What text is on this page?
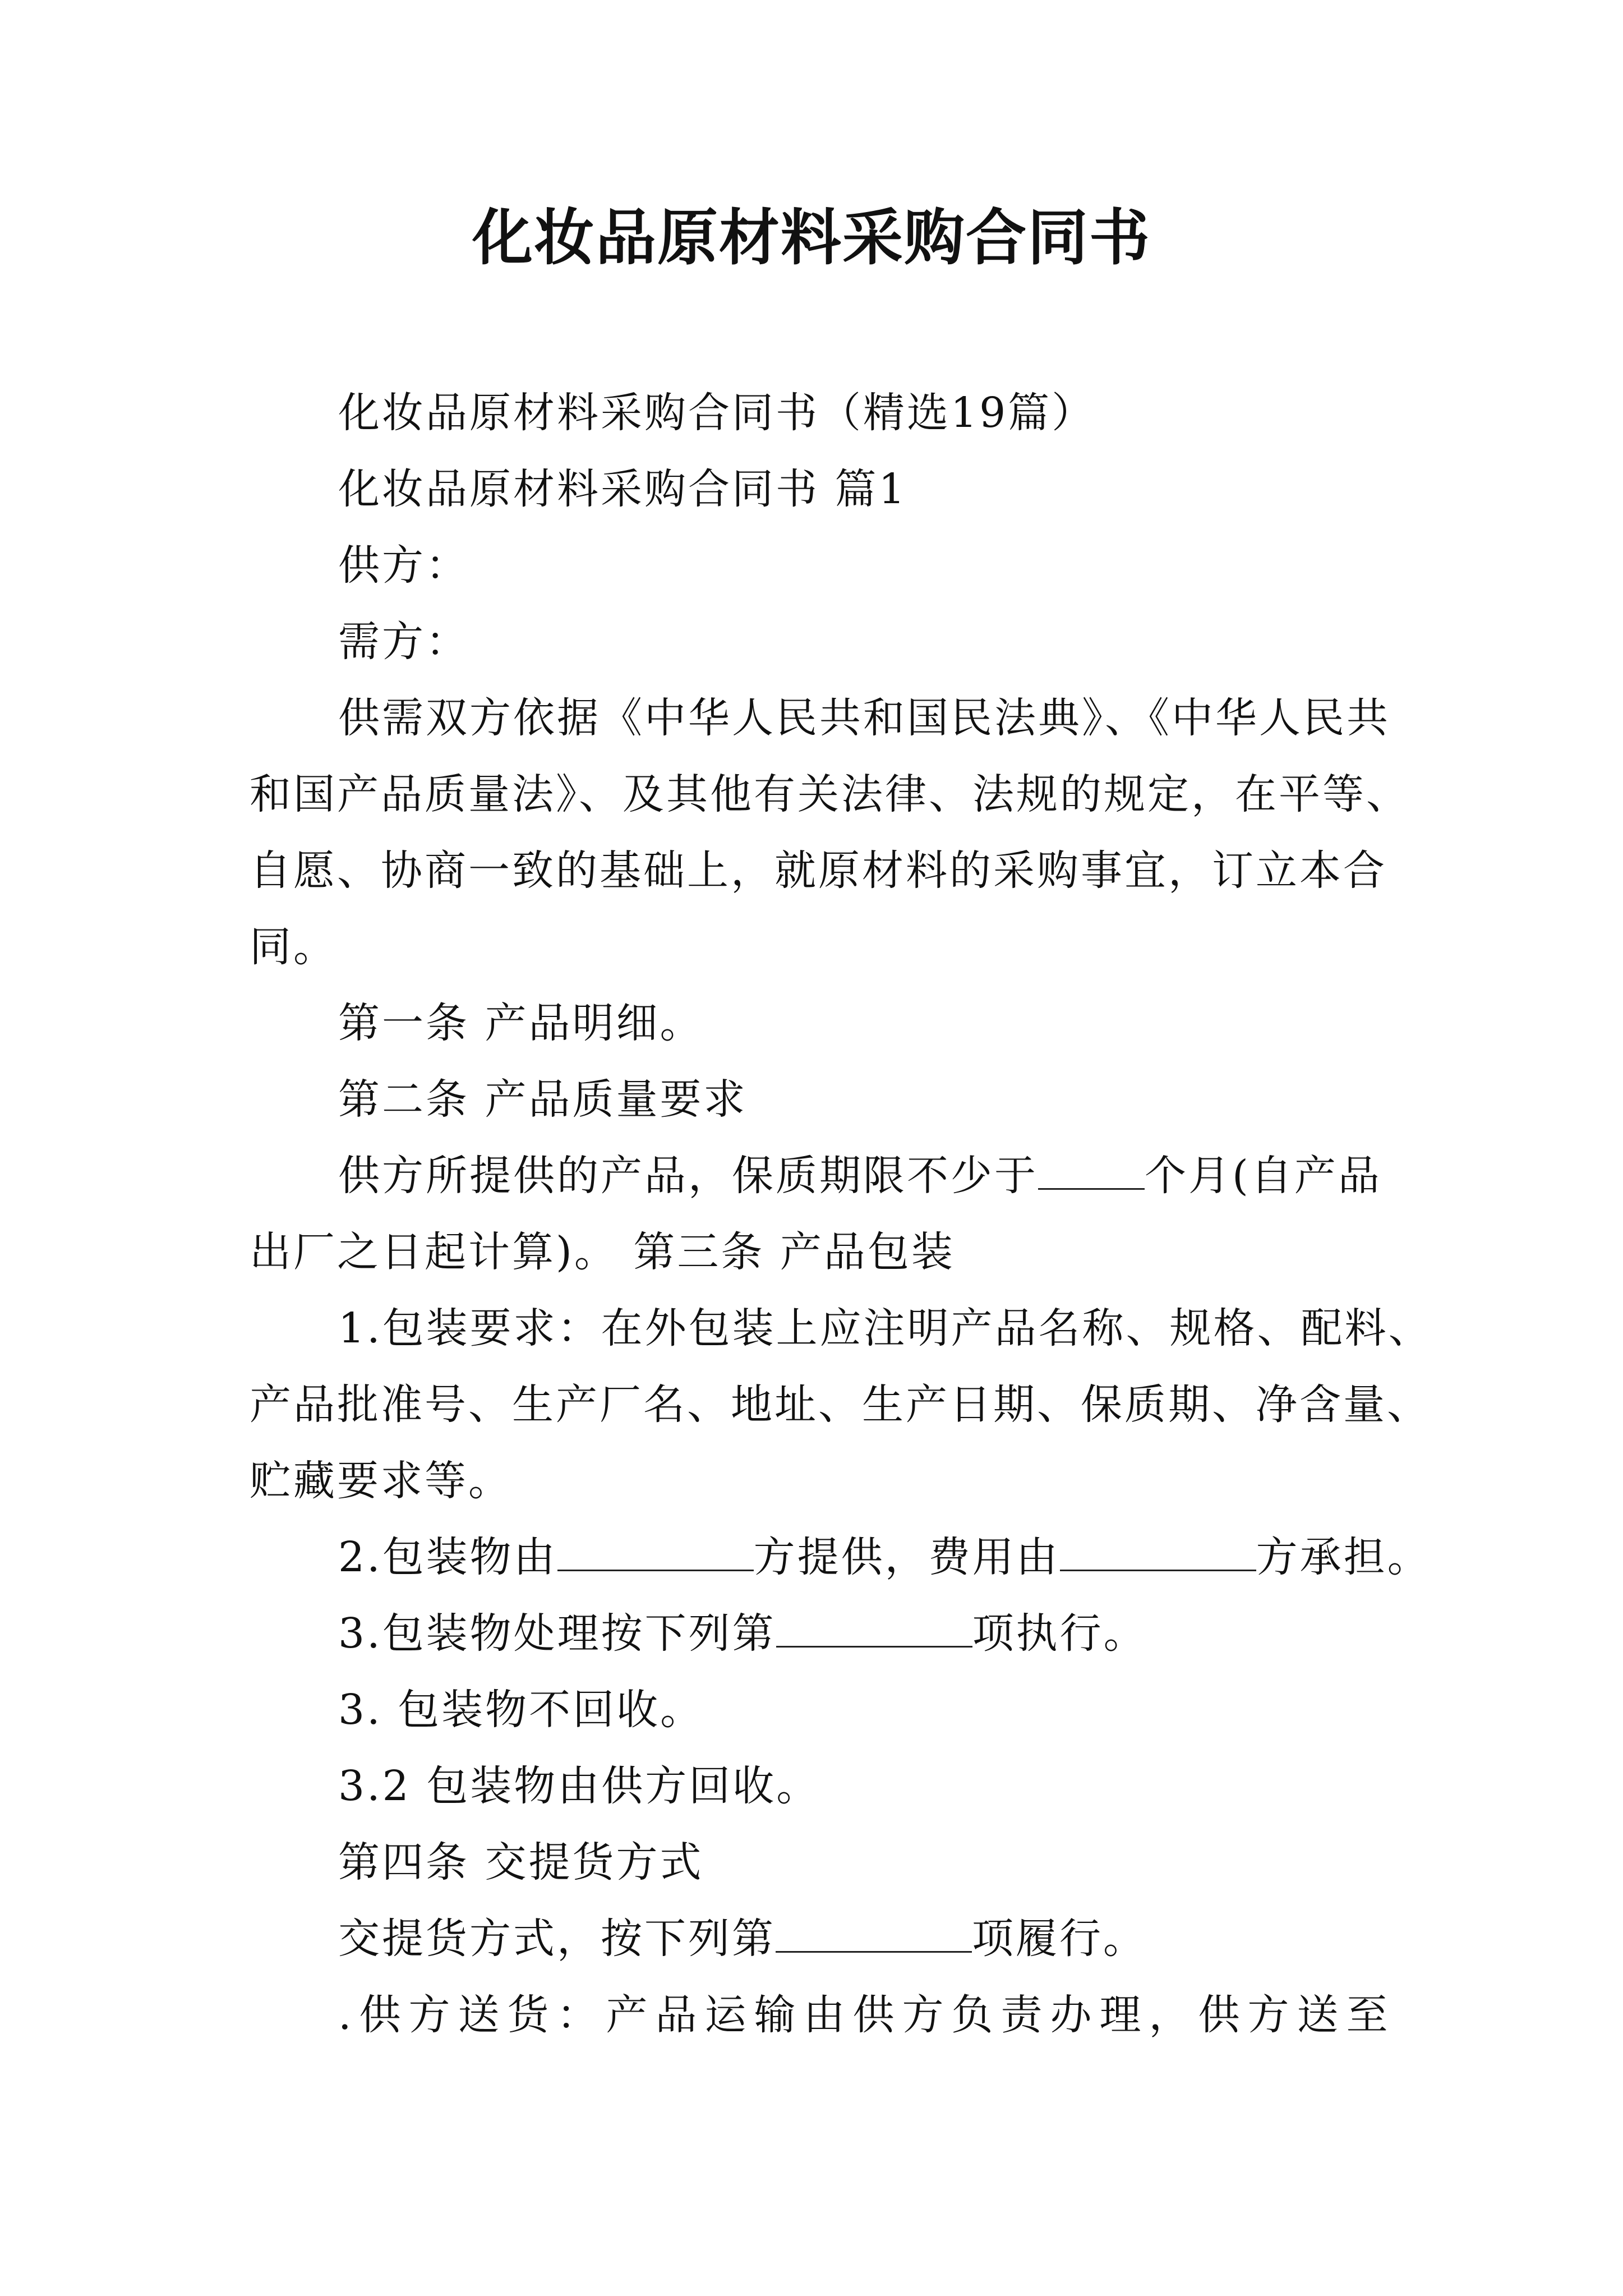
化妆品原材料采购合同书
化妆品原材料采购合同书（精选19篇）
化妆品原材料采购合同书 篇1
供方：
需方：
供需双方依据《中华人民共和国民法典》、《中华人民共
和国产品质量法》、及其他有关法律、法规的规定，在平等、
自愿、协商一致的基础上，就原材料的采购事宜，订立本合
同。
第一条 产品明细。
第二条 产品质量要求
供方所提供的产品，保质期限不少于	个月(自产品
出厂之日起计算)。 第三条 产品包装
1.包装要求：在外包装上应注明产品名称、规格、配料、
产品批准号、生产厂名、地址、生产日期、保质期、净含量、
贮藏要求等。
2.包装物由	方提供，费用由	方承担。
3.包装物处理按下列第	项执行。
3. 包装物不回收。
3.2 包装物由供方回收。
第四条 交提货方式
交提货方式，按下列第	项履行。
.供方送货：产品运输由供方负责办理，供方送至
